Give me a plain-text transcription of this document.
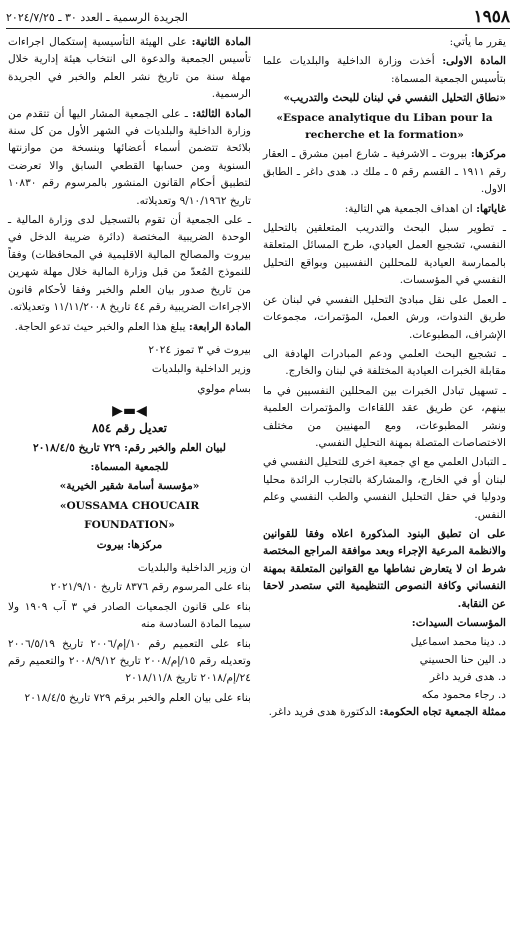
١٩٥٨
الجريدة الرسمية ـ العدد ٣٠ ـ ٢٠٢٤/٧/٢٥

يقرر ما يأتي:

المادة الاولى: أخذت وزارة الداخلية والبلديات علما بتأسيس الجمعية المسماة:

«نطاق التحليل النفسي في لبنان للبحث والتدريب»

«Espace analytique du Liban pour la recherche et la formation»

مركزها: بيروت ـ الاشرفية ـ شارع امين مشرق ـ العقار رقم ١٩١١ ـ القسم رقم ٥ ـ ملك د. هدى داغر ـ الطابق الاول.

غاياتها: ان اهداف الجمعية هي التالية:

ـ تطوير سبل البحث والتدريب المتعلقين بالتحليل النفسي، تشجيع العمل العيادي، طرح المسائل المتعلقة بالممارسة العيادية للمحللين النفسيين وبواقع التحليل النفسي في المؤسسات.

ـ العمل على نقل مبادئ التحليل النفسي في لبنان عن طريق الندوات، ورش العمل، المؤتمرات، مجموعات الإشراف، المطبوعات.

ـ تشجيع البحث العلمي ودعم المبادرات الهادفة الى مقابلة الخبرات العيادية المختلفة في لبنان والخارج.

ـ تسهيل تبادل الخبرات بين المحللين النفسيين في ما بينهم، عن طريق عقد اللقاءات والمؤتمرات العلمية ونشر المطبوعات، ومع المهنيين من مختلف الاختصاصات المتصلة بمهنة التحليل النفسي.

ـ التبادل العلمي مع اي جمعية اخرى للتحليل النفسي في لبنان أو في الخارج، والمشاركة بالتجارب الرائدة محليا ودوليا في حقل التحليل النفسي والطب النفسي وعلم النفس.

على ان تطبق البنود المذكورة اعلاه وفقا للقوانين والانظمة المرعية الإجراء وبعد موافقة المراجع المختصة شرط ان لا يتعارض نشاطها مع القوانين المتعلقة بمهنة النفساني وكافة النصوص التنظيمية التي ستصدر لاحقا عن النقابة.

المؤسسات السيدات:

د. دينا محمد اسماعيل
د. الين حنا الحسيني
د. هدى فريد داغر
د. رجاء محمود مكه

ممثلة الجمعية تجاه الحكومة: الدكتورة هدى فريد داغر.

المادة الثانية: على الهيئة التأسيسية إستكمال اجراءات تأسيس الجمعية والدعوة الى انتخاب هيئة إدارية خلال مهلة سنة من تاريخ نشر العلم والخبر في الجريدة الرسمية.

المادة الثالثة: ـ على الجمعية المشار اليها أن تتقدم من وزارة الداخلية والبلديات في الشهر الأول من كل سنة بلائحة تتضمن أسماء أعضائها وبنسخة من موازنتها السنوية ومن حسابها القطعي السابق والا تعرضت لتطبيق أحكام القانون المنشور بالمرسوم رقم ١٠٨٣٠ تاريخ ٩/١٠/١٩٦٢ وتعديلاته.

ـ على الجمعية أن تقوم بالتسجيل لدى وزارة المالية ـ الوحدة الضريبية المختصة (دائرة ضريبة الدخل في بيروت والمصالح المالية الاقليمية في المحافظات) وفقاً للنموذج المُعدّ من قبل وزارة المالية خلال مهلة شهرين من تاريخ صدور بيان العلم والخبر وفقا لأحكام قانون الاجراءات الضريبية رقم ٤٤ تاريخ ١١/١١/٢٠٠٨ وتعديلاته.

المادة الرابعة: يبلغ هذا العلم والخبر حيث تدعو الحاجة.

بيروت في ٣ تموز ٢٠٢٤

وزير الداخلية والبلديات

بسام مولوي

◀▬▶

تعديل رقم ٨٥٤

لبيان العلم والخبر رقم: ٧٢٩ تاريخ ٢٠١٨/٤/٥

للجمعية المسماة:

«مؤسسة أسامة شقير الخيرية»

«OUSSAMA CHOUCAIR

FOUNDATION»

مركزها: بيروت

ان وزير الداخلية والبلديات

بناء على المرسوم رقم ٨٣٧٦ تاريخ ٢٠٢١/٩/١٠

بناء على قانون الجمعيات الصادر في ٣ آب ١٩٠٩ ولا سيما المادة السادسة منه

بناء على التعميم رقم ١٠/إم/٢٠٠٦ تاريخ ٢٠٠٦/٥/١٩ وتعديله رقم ١٥/إم/٢٠٠٨ تاريخ ٢٠٠٨/٩/١٢ والتعميم رقم ٢٤/إم/٢٠١٨ تاريخ ٢٠١٨/١١/٨

بناء على بيان العلم والخبر برقم ٧٢٩ تاريخ ٢٠١٨/٤/٥
